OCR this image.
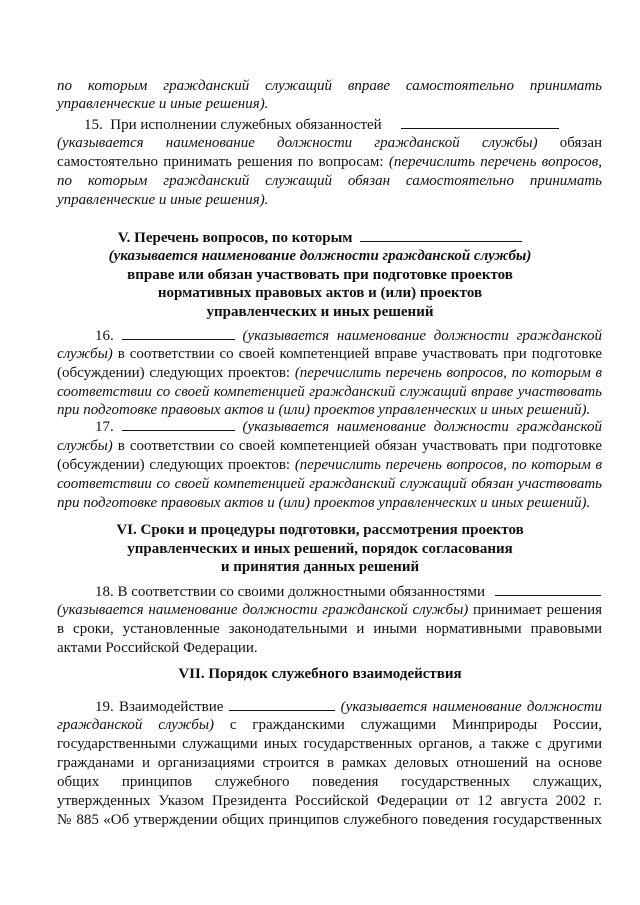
по которым гражданский служащий вправе самостоятельно принимать
управленческие и иные решения).
15. При исполнении служебных обязанностей
(указывается наименование должности гражданской службы) обязан
самостоятельно принимать решения по вопросам: (перечислить перечень вопросов,
по которым гражданский служащий обязан самостоятельно принимать
управленческие и иные решения).
V. Перечень вопросов, по которым
(указывается наименование должности гражданской службы)
вправе или обязан участвовать при подготовке проектов
нормативных правовых актов и (или) проектов
управленческих и иных решений
16.	(указывается наименование должности гражданской
службы) в соответствии со своей компетенцией вправе участвовать при подготовке
(обсуждении) следующих проектов: (перечислить перечень вопросов, по которым в
соответствии со своей компетенцией гражданский служащий вправе участвовать
при подготовке правовых актов и (или) проектов управленческих и иных решений).
17.	(указывается наименование должности гражданской
службы) в соответствии со своей компетенцией обязан участвовать при подготовке
(обсуждении) следующих проектов: (перечислить перечень вопросов, по которым в
соответствии со своей компетенцией гражданский служащий обязан участвовать
при подготовке правовых актов и (или) проектов управленческих и иных решений).
VI. Сроки и процедуры подготовки, рассмотрения проектов
управленческих и иных решений, порядок согласования
и принятия данных решений
18. В соответствии со своими должностными обязанностями
(указывается наименование должности гражданской службы) принимает решения
в сроки, установленные законодательными и иными нормативными правовыми
актами Российской Федерации.
VII. Порядок служебного взаимодействия
19. Взаимодействие	(указывается наименование должности
гражданской службы) с гражданскими служащими Минприроды России,
государственными служащими иных государственных органов, а также с другими
гражданами и организациями строится в рамках деловых отношений на основе
общих принципов служебного поведения государственных служащих,
утвержденных Указом Президента Российской Федерации от 12 августа 2002 г.
№ 885 «Об утверждении общих принципов служебного поведения государственных
